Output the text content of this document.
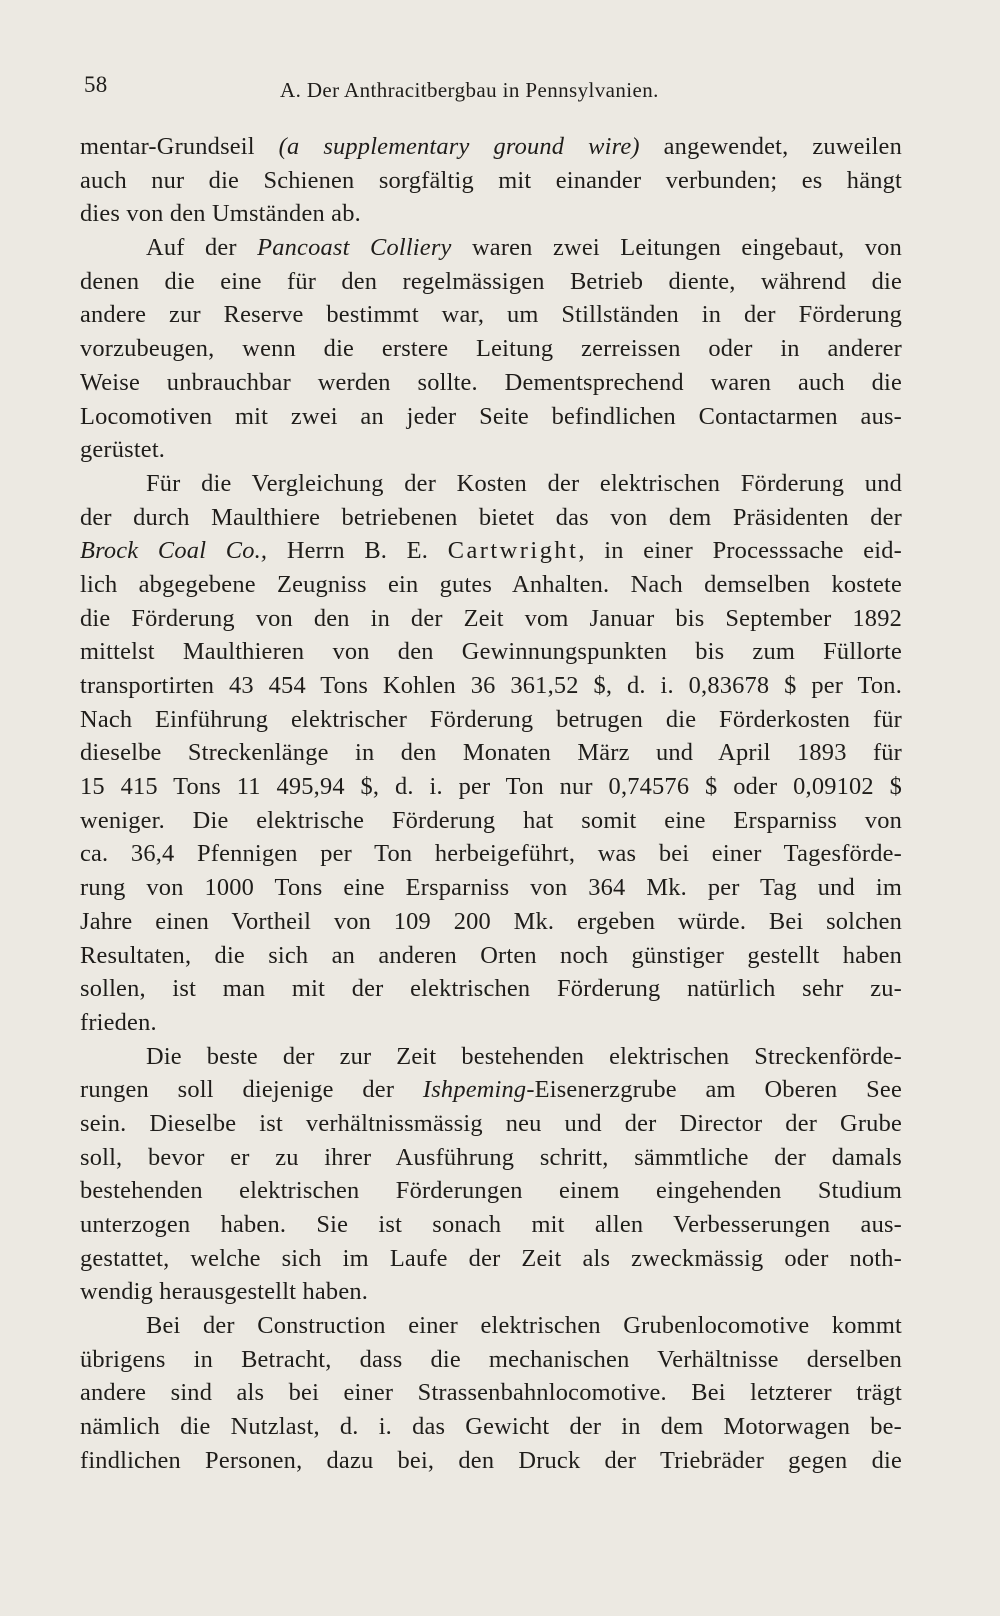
58	A. Der Anthracitbergbau in Pennsylvanien.
mentar-Grundseil (a supplementary ground wire) angewendet, zuweilen
auch nur die Schienen sorgfältig mit einander verbunden; es hängt
dies von den Umständen ab.
Auf der Pancoast Colliery waren zwei Leitungen eingebaut, von
denen die eine für den regelmässigen Betrieb diente, während die
andere zur Reserve bestimmt war, um Stillständen in der Förderung
vorzubeugen, wenn die erstere Leitung zerreissen oder in anderer
Weise unbrauchbar werden sollte. Dementsprechend waren auch die
Locomotiven mit zwei an jeder Seite befindlichen Contactarmen aus-
gerüstet.
Für die Vergleichung der Kosten der elektrischen Förderung und
der durch Maulthiere betriebenen bietet das von dem Präsidenten der
Brock Coal Co., Herrn B. E. Cartwright, in einer Processsache eid-
lich abgegebene Zeugniss ein gutes Anhalten. Nach demselben kostete
die Förderung von den in der Zeit vom Januar bis September 1892
mittelst Maulthieren von den Gewinnungspunkten bis zum Füllorte
transportirten 43 454 Tons Kohlen 36 361,52 $, d. i. 0,83678 $ per Ton.
Nach Einführung elektrischer Förderung betrugen die Förderkosten für
dieselbe Streckenlänge in den Monaten März und April 1893 für
15 415 Tons 11 495,94 $, d. i. per Ton nur 0,74576 $ oder 0,09102 $
weniger. Die elektrische Förderung hat somit eine Ersparniss von
ca. 36,4 Pfennigen per Ton herbeigeführt, was bei einer Tagesförde-
rung von 1000 Tons eine Ersparniss von 364 Mk. per Tag und im
Jahre einen Vortheil von 109 200 Mk. ergeben würde. Bei solchen
Resultaten, die sich an anderen Orten noch günstiger gestellt haben
sollen, ist man mit der elektrischen Förderung natürlich sehr zu-
frieden.
Die beste der zur Zeit bestehenden elektrischen Streckenförde-
rungen soll diejenige der Ishpeming-Eisenerzgrube am Oberen See
sein. Dieselbe ist verhältnissmässig neu und der Director der Grube
soll, bevor er zu ihrer Ausführung schritt, sämmtliche der damals
bestehenden elektrischen Förderungen einem eingehenden Studium
unterzogen haben. Sie ist sonach mit allen Verbesserungen aus-
gestattet, welche sich im Laufe der Zeit als zweckmässig oder noth-
wendig herausgestellt haben.
Bei der Construction einer elektrischen Grubenlocomotive kommt
übrigens in Betracht, dass die mechanischen Verhältnisse derselben
andere sind als bei einer Strassenbahnlocomotive. Bei letzterer trägt
nämlich die Nutzlast, d. i. das Gewicht der in dem Motorwagen be-
findlichen Personen, dazu bei, den Druck der Triebräder gegen die
